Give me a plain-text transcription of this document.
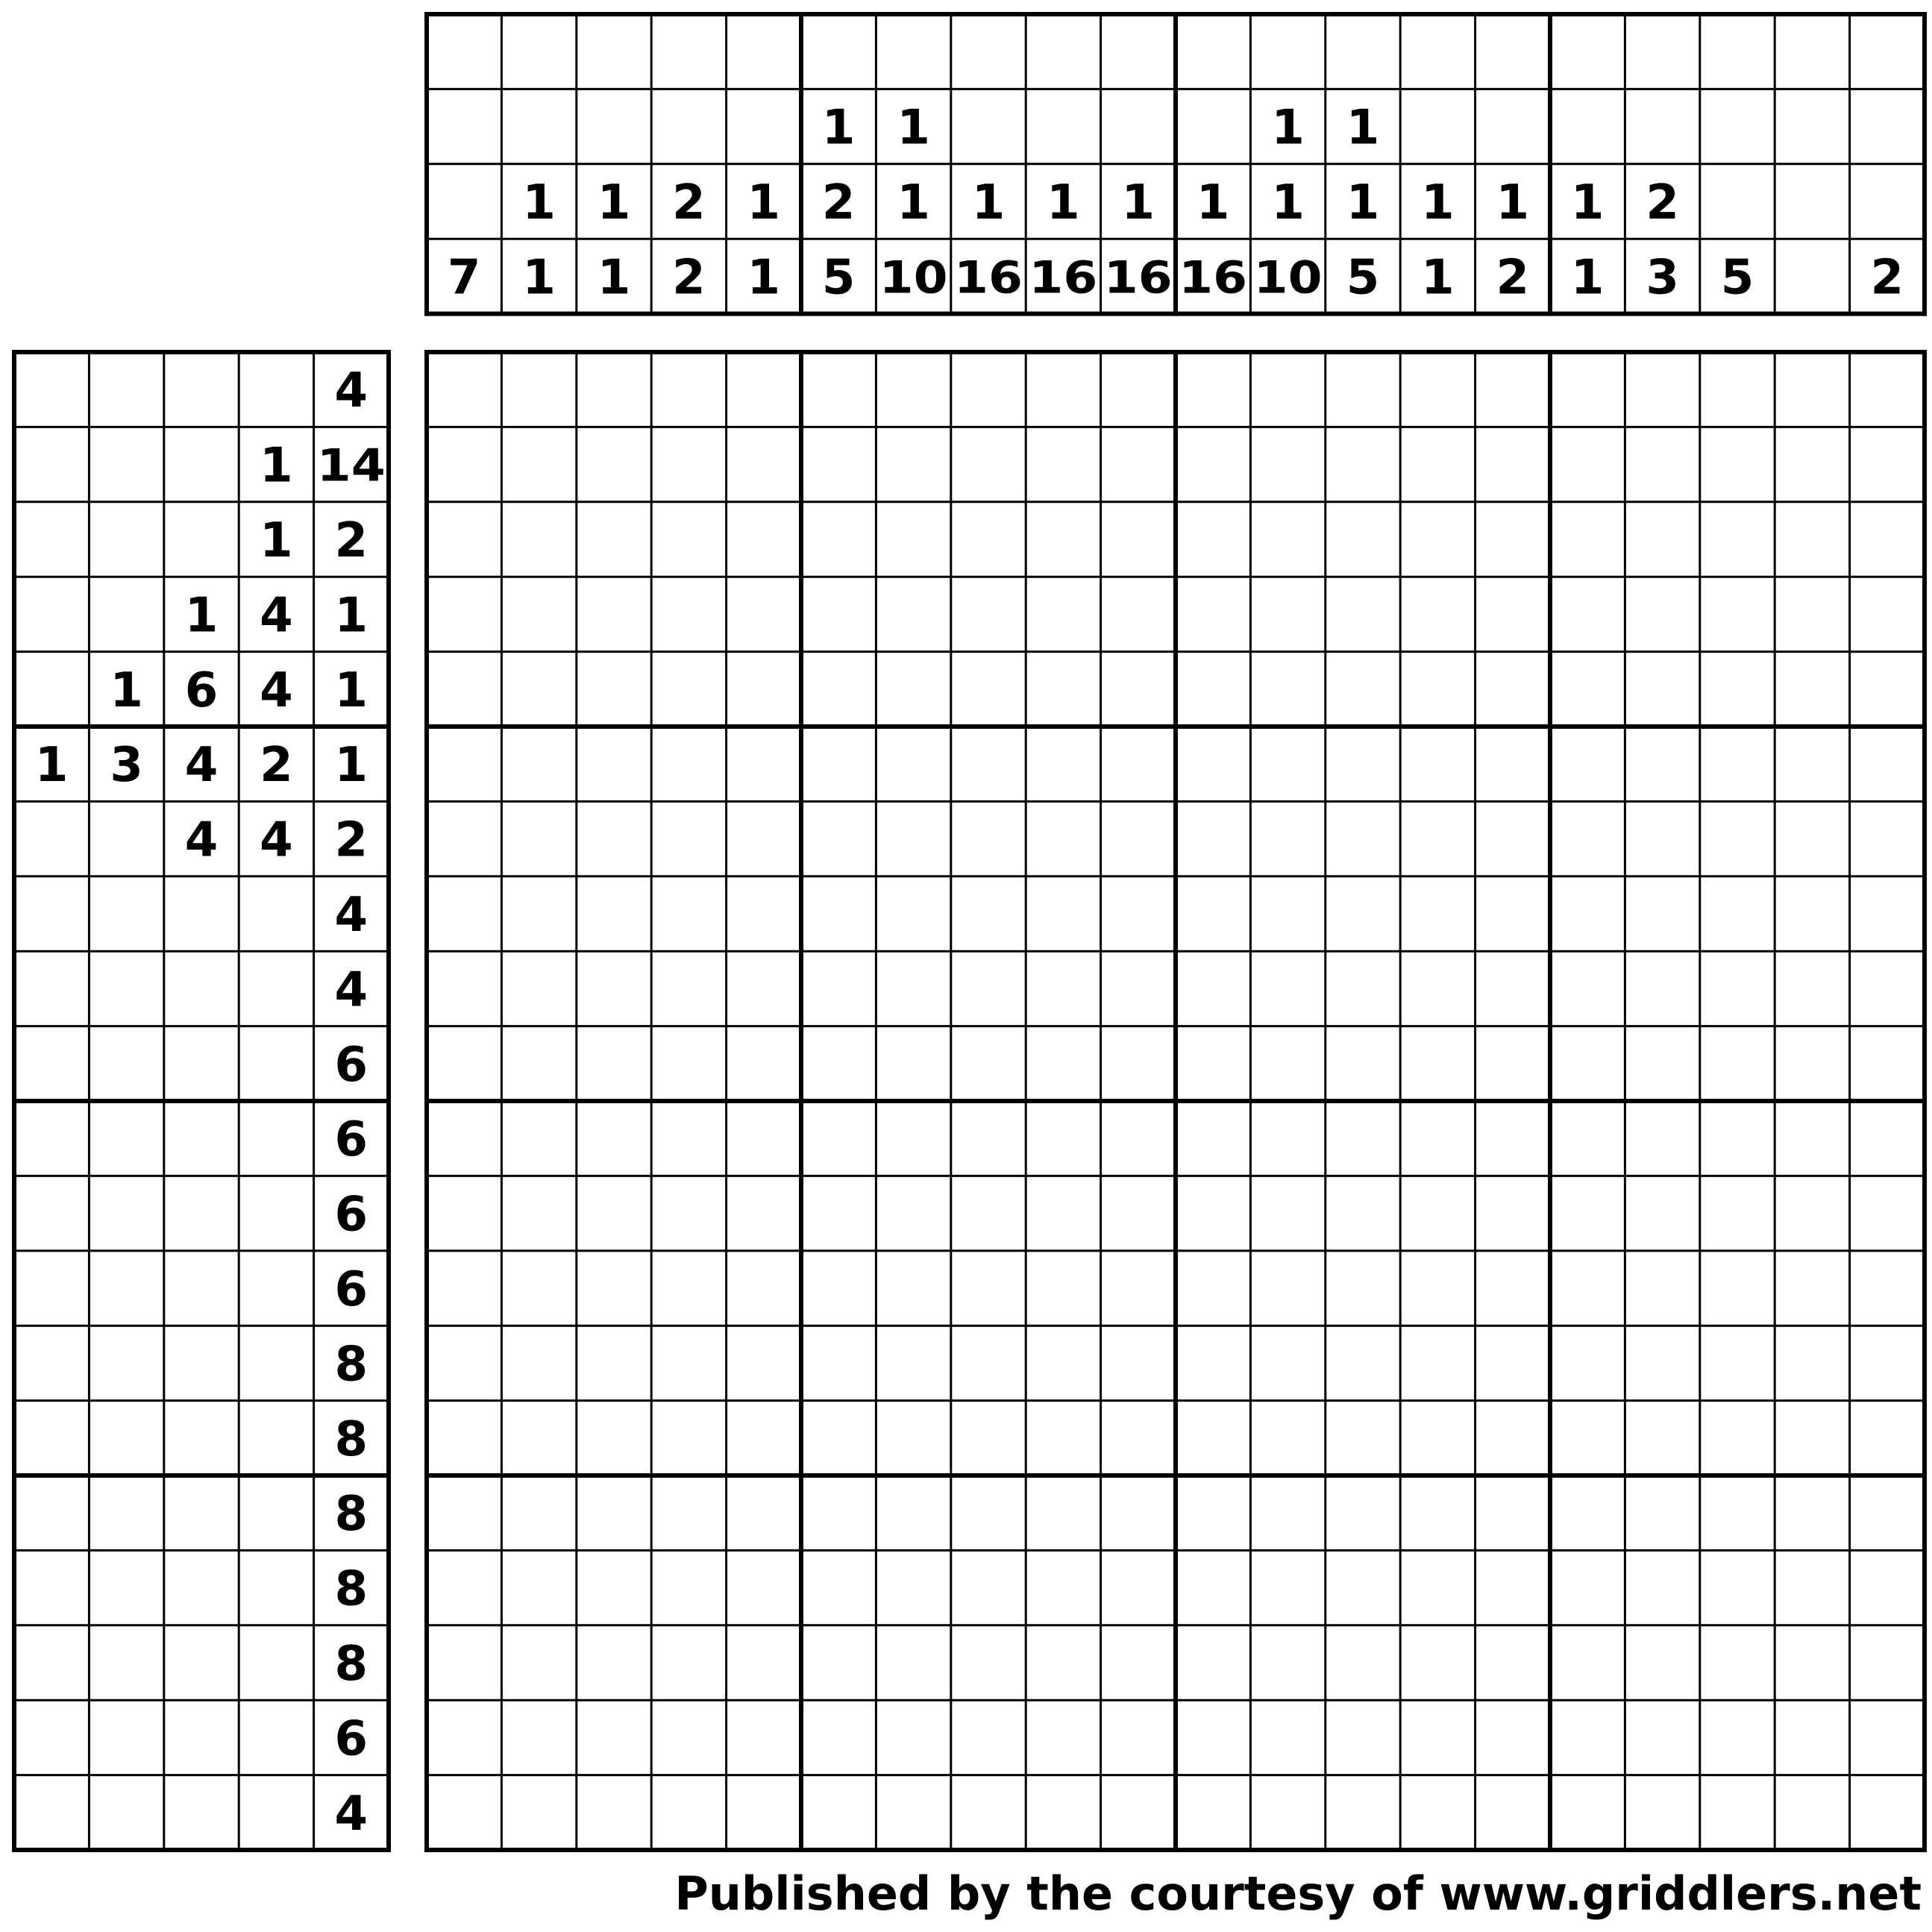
7
1
1
1
1
2
2
1
1
1
2
5
1
1
10
1
16
1
16
1
16
1
16
1
1
10
1
1
5
1
1
1
2
1
1
2
3 5 2
4
1 14
1 2
1 4 1
1 6 4 1
1 3 4 2 1
4 4 2
4
4
6
6
6
6
8
8
8
8
8
6
4
Published by the courtesy of www.griddlers.net
